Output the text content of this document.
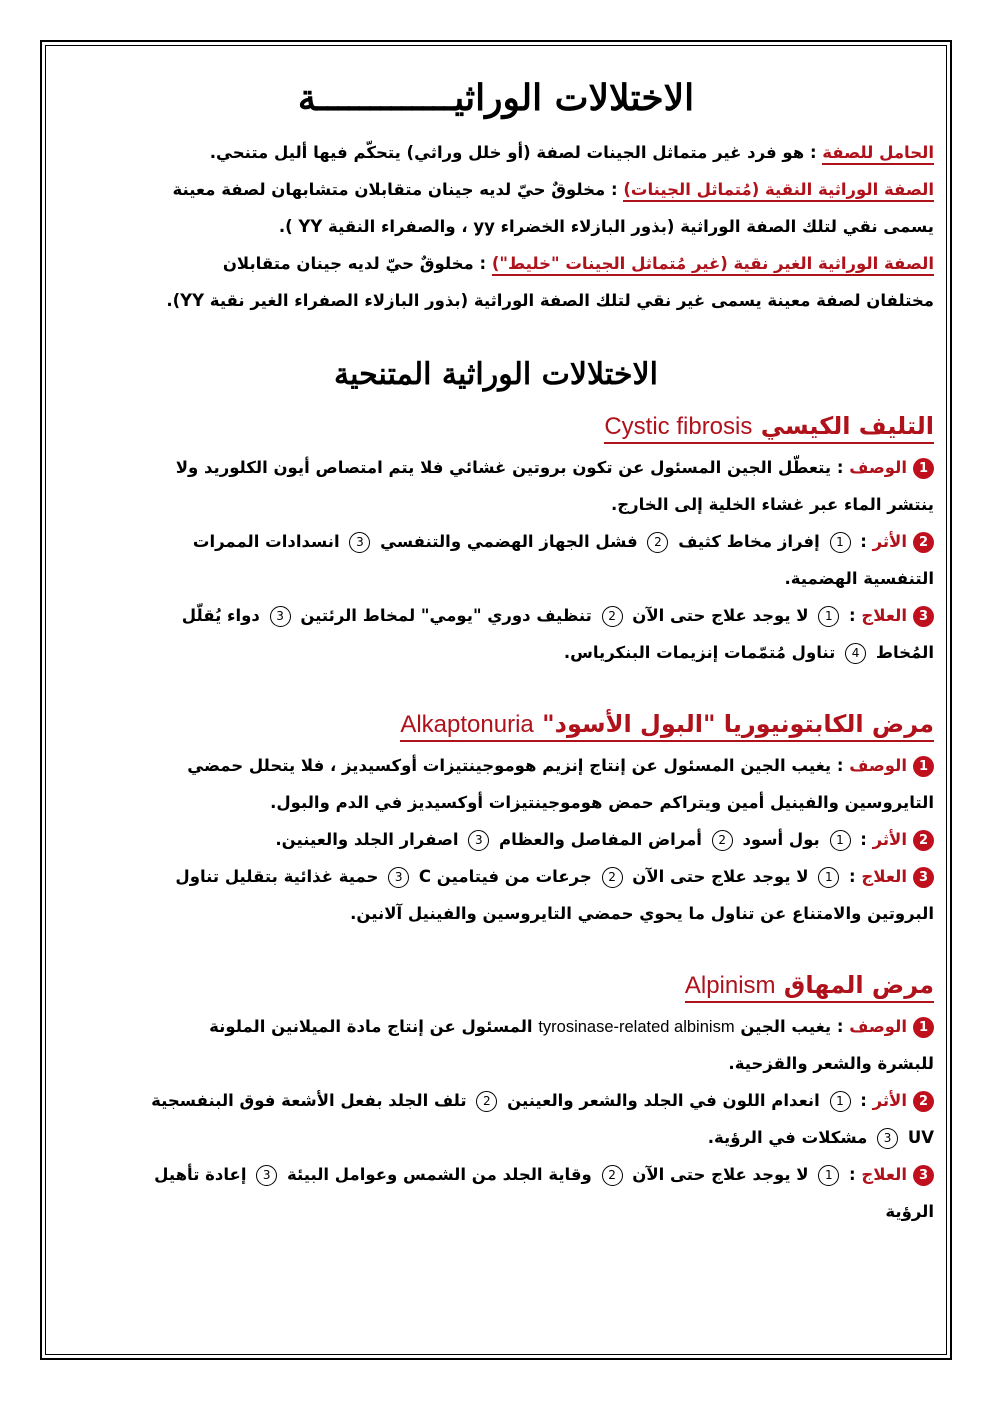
الاختلالات الوراثيـــــــــــــة
الحامل للصفة : هو فرد غير متماثل الجينات لصفة (أو خلل وراثي) يتحكّم فيها أليل متنحي.
الصفة الوراثية النقية (مُتماثل الجينات) : مخلوقٌ حيّ لديه جينان متقابلان متشابهان لصفة معينة
يسمى نقي لتلك الصفة الوراثية (بذور البازلاء الخضراء yy ، والصفراء النقية YY ).
الصفة الوراثية الغير نقية (غير مُتماثل الجينات "خليط") : مخلوقٌ حيّ لديه جينان متقابلان
مختلفان لصفة معينة يسمى غير نقي لتلك الصفة الوراثية (بذور البازلاء الصفراء الغير نقية YY).
الاختلالات الوراثية المتنحية
التليف الكيسي Cystic fibrosis
1الوصف : يتعطّل الجين المسئول عن تكون بروتين غشائي فلا يتم امتصاص أيون الكلوريد ولا
ينتشر الماء عبر غشاء الخلية إلى الخارج.
2الأثر : 1 إفراز مخاط كثيف 2 فشل الجهاز الهضمي والتنفسي 3 انسدادات الممرات
التنفسية الهضمية.
3العلاج : 1 لا يوجد علاج حتى الآن 2 تنظيف دوري "يومي" لمخاط الرئتين 3 دواء يُقلّل
المُخاط 4 تناول مُتمّمات إنزيمات البنكرياس.
مرض الكابتونيوريا "البول الأسود" Alkaptonuria
1الوصف : يغيب الجين المسئول عن إنتاج إنزيم هوموجينتيزات أوكسيديز ، فلا يتحلل حمضي
التايروسين والفينيل أمين ويتراكم حمض هوموجينتيزات أوكسيديز في الدم والبول.
2الأثر : 1 بول أسود 2 أمراض المفاصل والعظام 3 اصفرار الجلد والعينين.
3العلاج : 1 لا يوجد علاج حتى الآن 2 جرعات من فيتامين C 3 حمية غذائية بتقليل تناول
البروتين والامتناع عن تناول ما يحوي حمضي التايروسين والفينيل آلانين.
مرض المهاق Alpinism
1الوصف : يغيب الجين tyrosinase-related albinism المسئول عن إنتاج مادة الميلانين الملونة
للبشرة والشعر والقزحية.
2الأثر : 1 انعدام اللون في الجلد والشعر والعينين 2 تلف الجلد بفعل الأشعة فوق البنفسجية
UV 3 مشكلات في الرؤية.
3العلاج : 1 لا يوجد علاج حتى الآن 2 وقاية الجلد من الشمس وعوامل البيئة 3 إعادة تأهيل
الرؤية
